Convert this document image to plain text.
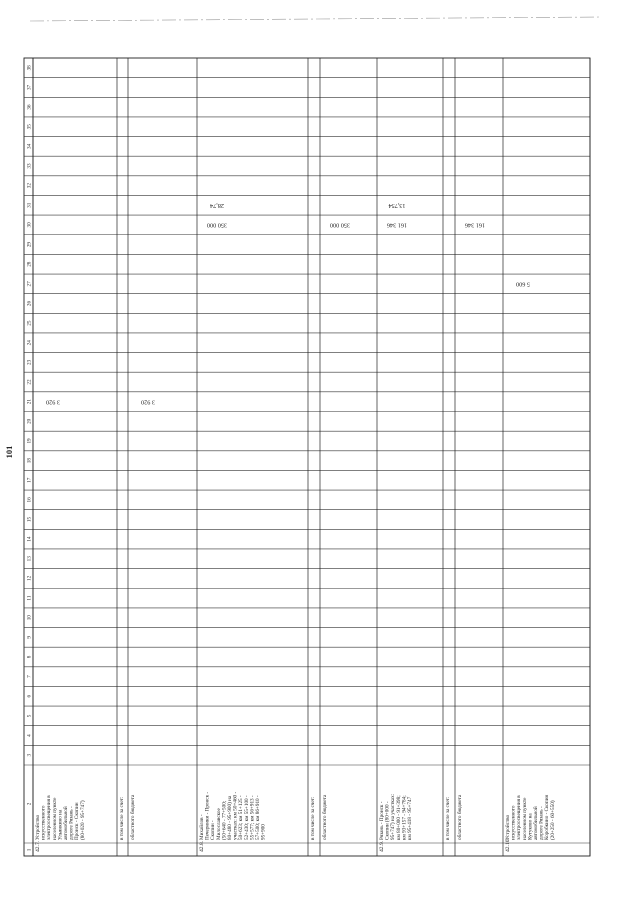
101
1
2
3
4
5
6
7
8
9
10
11
12
13
14
15
16
17
18
19
20
21
22
23
24
25
26
27
28
29
30
31
32
33
34
35
36
37
38
42.7.
Устройство искусственного электроосвещения в населенном пункте Ульянкино на автомобильной дороге Рязань - Пронск - Скопин (80+020 - 95+747)
3 920
в том числе за счет: областного бюджета
3 920
42.8.
Михайлов - Печерники - Пронск - Скопин - Милославское (50+640 - 77+500; 80+480 - 95+900) на участках: км 50+460 - 50+623; км 51+125 - 52+430; км 55+100 - 55+577; км 56+913 - 57+500; км 86+910 - 95+900
350 000
28,74
в том числе за счет: областного бюджета
350 000
42.9.
Рязань - Пронск - Скопин (80+000 - 95+747) на участках: км 80+000 - 91+398; км 93+157 - 94+784; км 95+418 - 95+747
161 346
13,754
в том числе за счет: областного бюджета
161 346
42.10.
Устройство искусственного электроосвещения в населенном пункте Кутуково на автомобильной дороге Рязань - Коробкино - Скопин (20+250 - 60+550)
5 600
